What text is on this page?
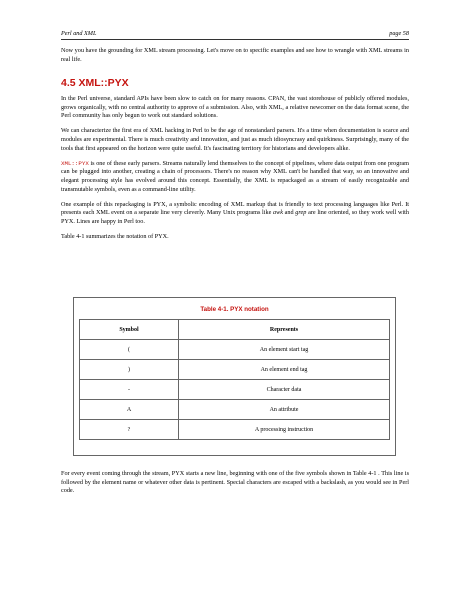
Perl and XML	page 58

Now you have the grounding for XML stream processing. Let's move on to specific examples and see how to wrangle with XML streams in real life.

4.5 XML::PYX

In the Perl universe, standard APIs have been slow to catch on for many reasons. CPAN, the vast storehouse of publicly offered modules, grows organically, with no central authority to approve of a submission. Also, with XML, a relative newcomer on the data format scene, the Perl community has only begun to work out standard solutions.

We can characterize the first era of XML hacking in Perl to be the age of nonstandard parsers. It's a time when documentation is scarce and modules are experimental. There is much creativity and innovation, and just as much idiosyncrasy and quirkiness. Surprisingly, many of the tools that first appeared on the horizon were quite useful. It's fascinating territory for historians and developers alike.

XML::PYX is one of these early parsers. Streams naturally lend themselves to the concept of pipelines, where data output from one program can be plugged into another, creating a chain of processors. There's no reason why XML can't be handled that way, so an innovative and elegant processing style has evolved around this concept. Essentially, the XML is repackaged as a stream of easily recognizable and transmutable symbols, even as a command-line utility.

One example of this repackaging is PYX, a symbolic encoding of XML markup that is friendly to text processing languages like Perl. It presents each XML event on a separate line very cleverly. Many Unix programs like awk and grep are line oriented, so they work well with PYX. Lines are happy in Perl too.

Table 4-1 summarizes the notation of PYX.

Table 4-1. PYX notation
Symbol	Represents
(	An element start tag
)	An element end tag
-	Character data
A	An attribute
?	A processing instruction

For every event coming through the stream, PYX starts a new line, beginning with one of the five symbols shown in Table 4-1 . This line is followed by the element name or whatever other data is pertinent. Special characters are escaped with a backslash, as you would see in Perl code.
